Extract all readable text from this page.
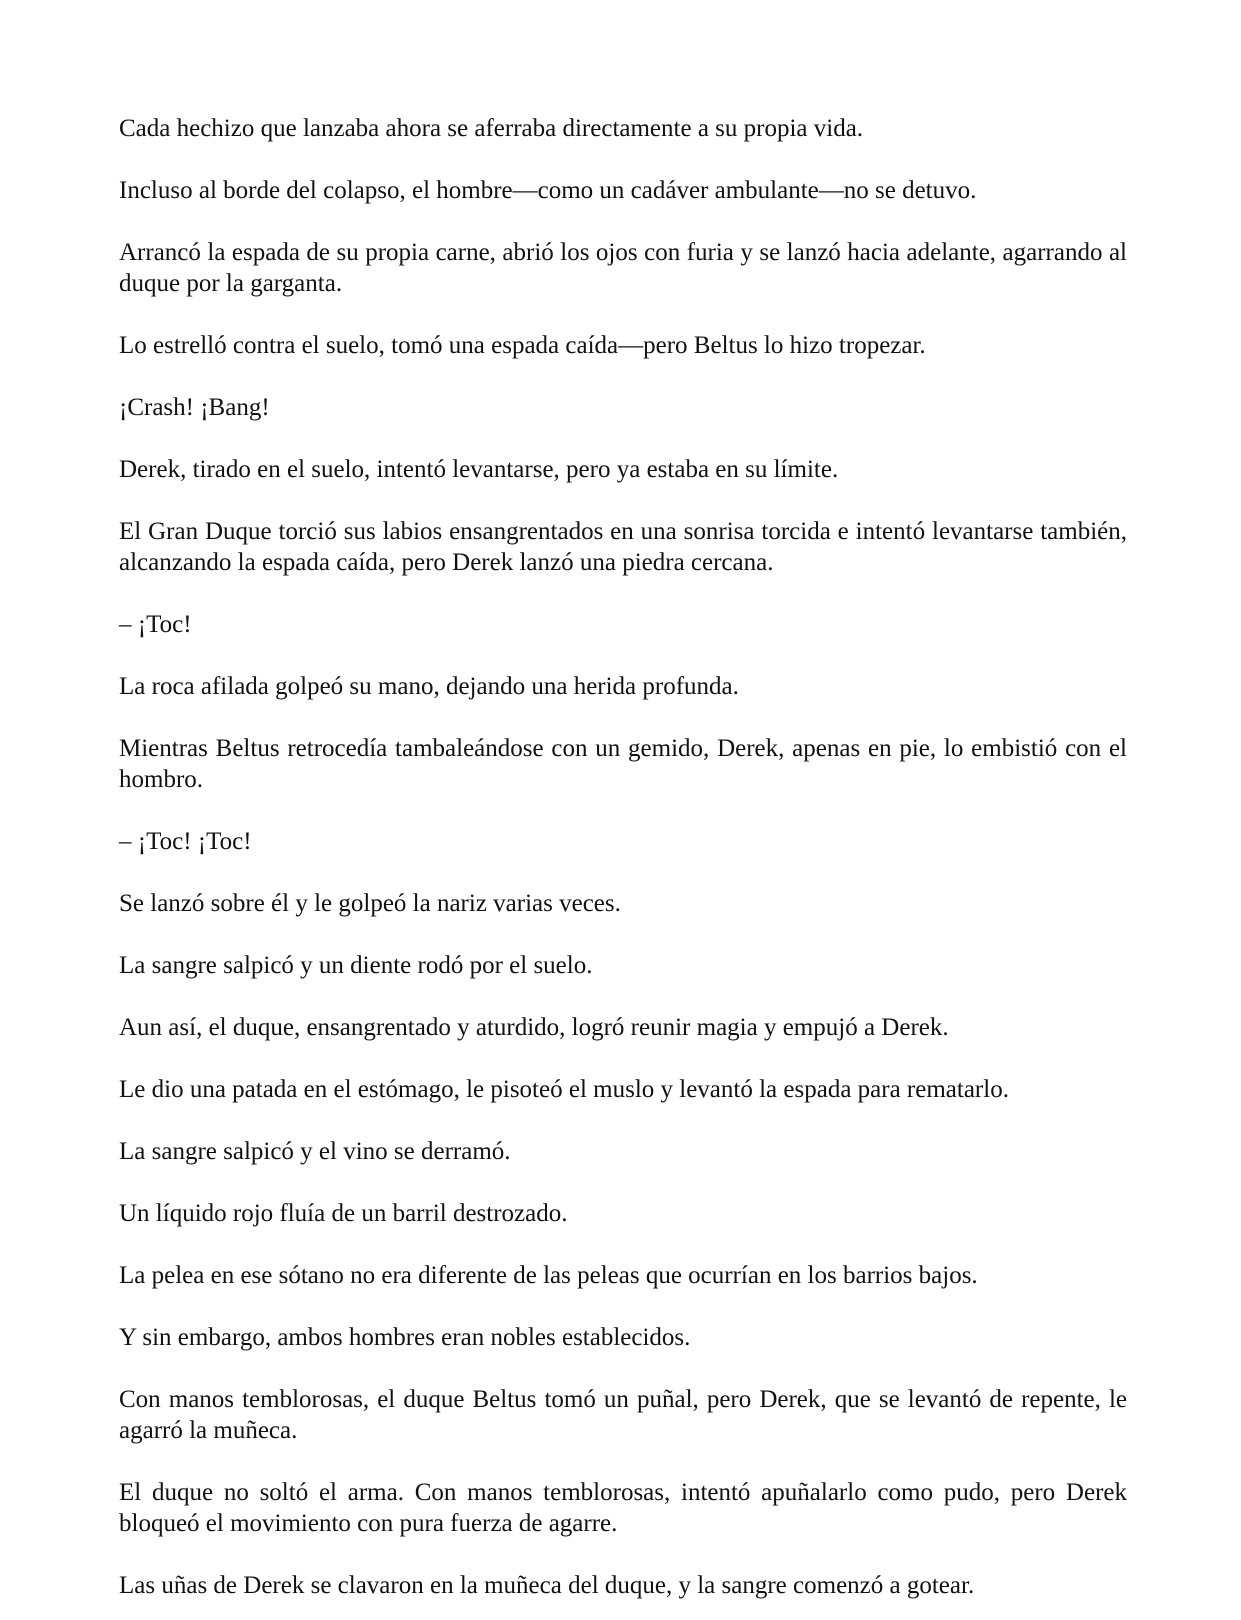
Cada hechizo que lanzaba ahora se aferraba directamente a su propia vida.

Incluso al borde del colapso, el hombre—como un cadáver ambulante—no se detuvo.

Arrancó la espada de su propia carne, abrió los ojos con furia y se lanzó hacia adelante, agarrando al duque por la garganta.

Lo estrelló contra el suelo, tomó una espada caída—pero Beltus lo hizo tropezar.

¡Crash! ¡Bang!

Derek, tirado en el suelo, intentó levantarse, pero ya estaba en su límite.

El Gran Duque torció sus labios ensangrentados en una sonrisa torcida e intentó levantarse también, alcanzando la espada caída, pero Derek lanzó una piedra cercana.

– ¡Toc!

La roca afilada golpeó su mano, dejando una herida profunda.

Mientras Beltus retrocedía tambaleándose con un gemido, Derek, apenas en pie, lo embistió con el hombro.

– ¡Toc! ¡Toc!

Se lanzó sobre él y le golpeó la nariz varias veces.

La sangre salpicó y un diente rodó por el suelo.

Aun así, el duque, ensangrentado y aturdido, logró reunir magia y empujó a Derek.

Le dio una patada en el estómago, le pisoteó el muslo y levantó la espada para rematarlo.

La sangre salpicó y el vino se derramó.

Un líquido rojo fluía de un barril destrozado.

La pelea en ese sótano no era diferente de las peleas que ocurrían en los barrios bajos.

Y sin embargo, ambos hombres eran nobles establecidos.

Con manos temblorosas, el duque Beltus tomó un puñal, pero Derek, que se levantó de repente, le agarró la muñeca.

El duque no soltó el arma. Con manos temblorosas, intentó apuñalarlo como pudo, pero Derek bloqueó el movimiento con pura fuerza de agarre.

Las uñas de Derek se clavaron en la muñeca del duque, y la sangre comenzó a gotear.
